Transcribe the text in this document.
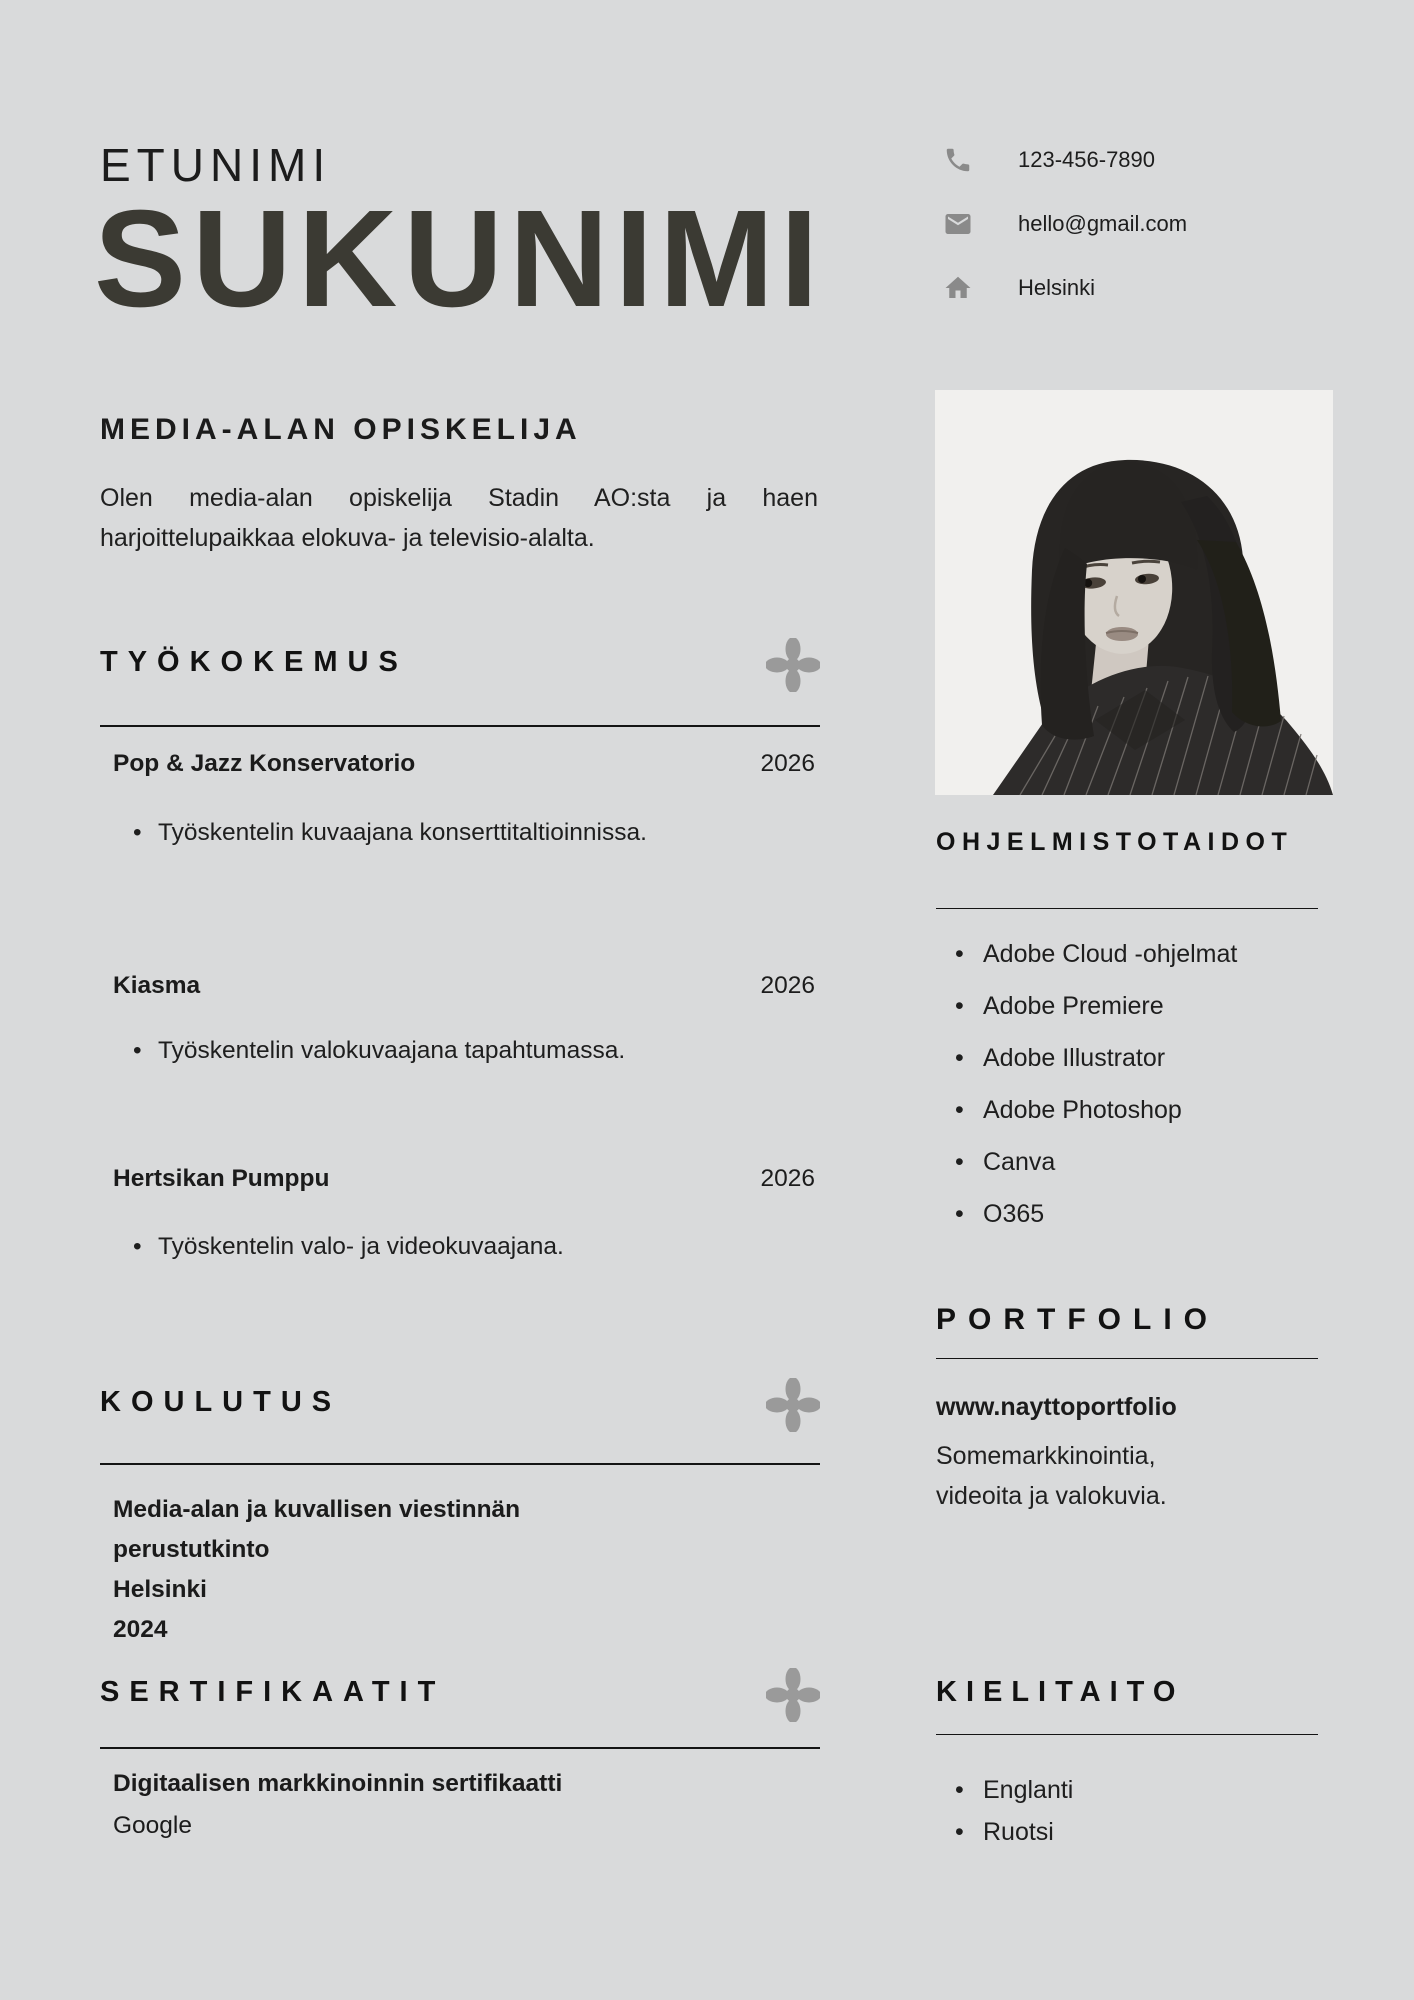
ETUNIMI
SUKUNIMI
123-456-7890
hello@gmail.com
Helsinki
MEDIA-ALAN OPISKELIJA

Olen media-alan opiskelija Stadin AO:sta ja haen harjoittelupaikkaa elokuva- ja televisio-alalta.

TYÖKOKEMUS
Pop & Jazz Konservatorio	2026
• Työskentelin kuvaajana konserttitaltioinnissa.
Kiasma	2026
• Työskentelin valokuvaajana tapahtumassa.
Hertsikan Pumppu	2026
• Työskentelin valo- ja videokuvaajana.
KOULUTUS
Media-alan ja kuvallisen viestinnän
perustutkinto
Helsinki
2024
SERTIFIKAATIT
Digitaalisen markkinoinnin sertifikaatti
Google
OHJELMISTOTAIDOT
• Adobe Cloud -ohjelmat
• Adobe Premiere
• Adobe Illustrator
• Adobe Photoshop
• Canva
• O365
PORTFOLIO
www.nayttoportfolio
Somemarkkinointia,
videoita ja valokuvia.
KIELITAITO
• Englanti
• Ruotsi
